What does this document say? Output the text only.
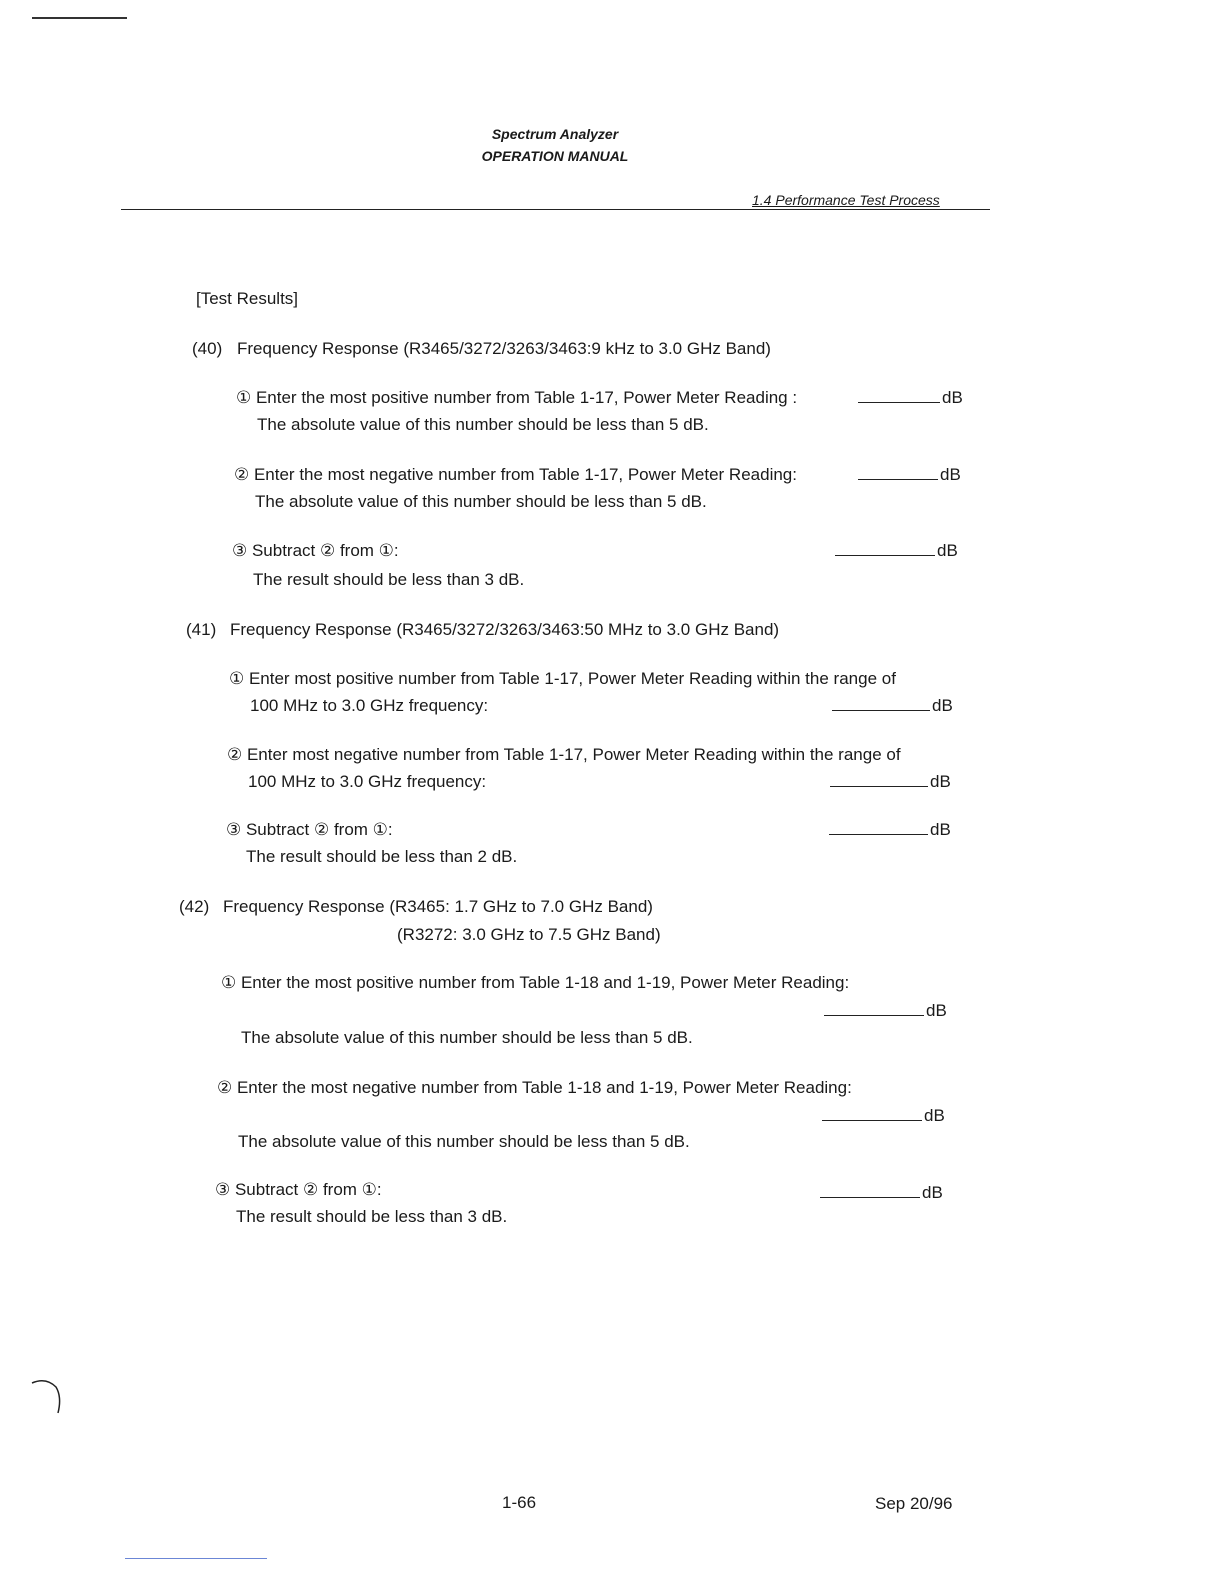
Spectrum Analyzer
OPERATION MANUAL
1.4 Performance Test Process
[Test Results]
(40) Frequency Response (R3465/3272/3263/3463:9 kHz to 3.0 GHz Band)
① Enter the most positive number from Table 1-17, Power Meter Reading :	dB
The absolute value of this number should be less than 5 dB.
② Enter the most negative number from Table 1-17, Power Meter Reading:	dB
The absolute value of this number should be less than 5 dB.
③ Subtract ② from ①:	dB
The result should be less than 3 dB.
(41) Frequency Response (R3465/3272/3263/3463:50 MHz to 3.0 GHz Band)
① Enter most positive number from Table 1-17, Power Meter Reading within the range of
100 MHz to 3.0 GHz frequency:	dB
② Enter most negative number from Table 1-17, Power Meter Reading within the range of
100 MHz to 3.0 GHz frequency:	dB
③ Subtract ② from ①:	dB
The result should be less than 2 dB.
(42) Frequency Response (R3465: 1.7 GHz to 7.0 GHz Band)
(R3272: 3.0 GHz to 7.5 GHz Band)
① Enter the most positive number from Table 1-18 and 1-19, Power Meter Reading:
dB
The absolute value of this number should be less than 5 dB.
② Enter the most negative number from Table 1-18 and 1-19, Power Meter Reading:
dB
The absolute value of this number should be less than 5 dB.
③ Subtract ② from ①:	dB
The result should be less than 3 dB.
1-66	Sep 20/96
